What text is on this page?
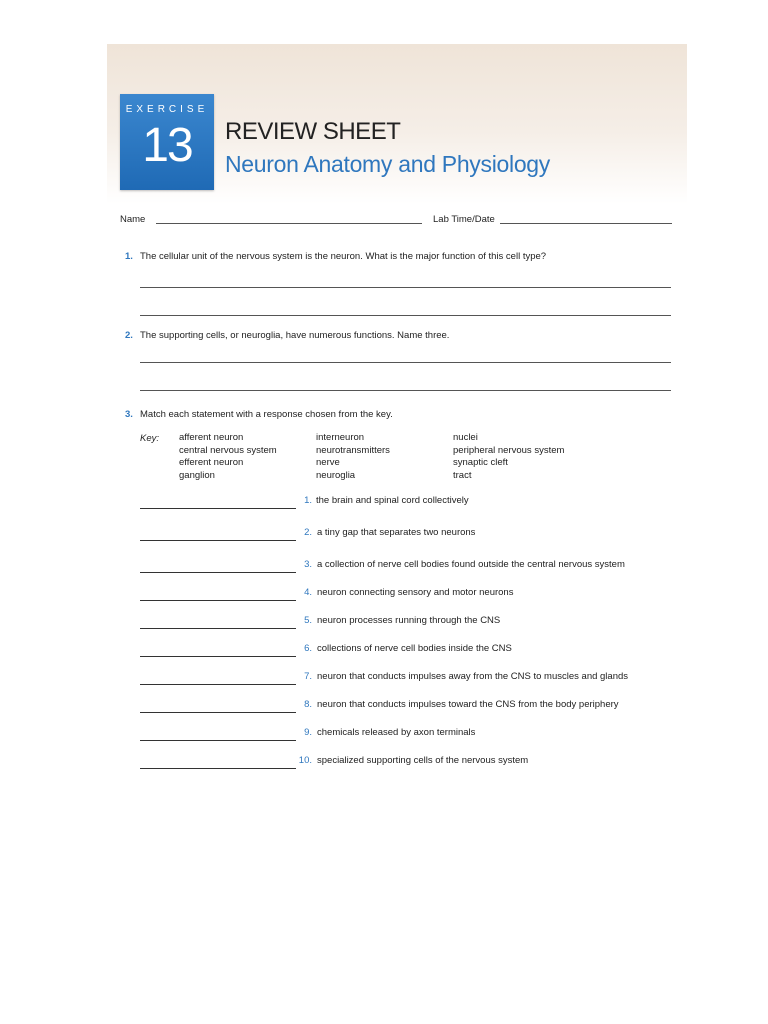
EXERCISE
13	REVIEW SHEET
Neuron Anatomy and Physiology
Name	Lab Time/Date
1. The cellular unit of the nervous system is the neuron. What is the major function of this cell type?
2. The supporting cells, or neuroglia, have numerous functions. Name three.
3. Match each statement with a response chosen from the key.
Key: afferent neuron
central nervous system
efferent neuron
ganglion
interneuron
neurotransmitters
nerve
neuroglia
nuclei
peripheral nervous system
synaptic cleft
tract
1. the brain and spinal cord collectively
2. a tiny gap that separates two neurons
3. a collection of nerve cell bodies found outside the central nervous system
4. neuron connecting sensory and motor neurons
5. neuron processes running through the CNS
6. collections of nerve cell bodies inside the CNS
7. neuron that conducts impulses away from the CNS to muscles and glands
8. neuron that conducts impulses toward the CNS from the body periphery
9. chemicals released by axon terminals
10. specialized supporting cells of the nervous system
